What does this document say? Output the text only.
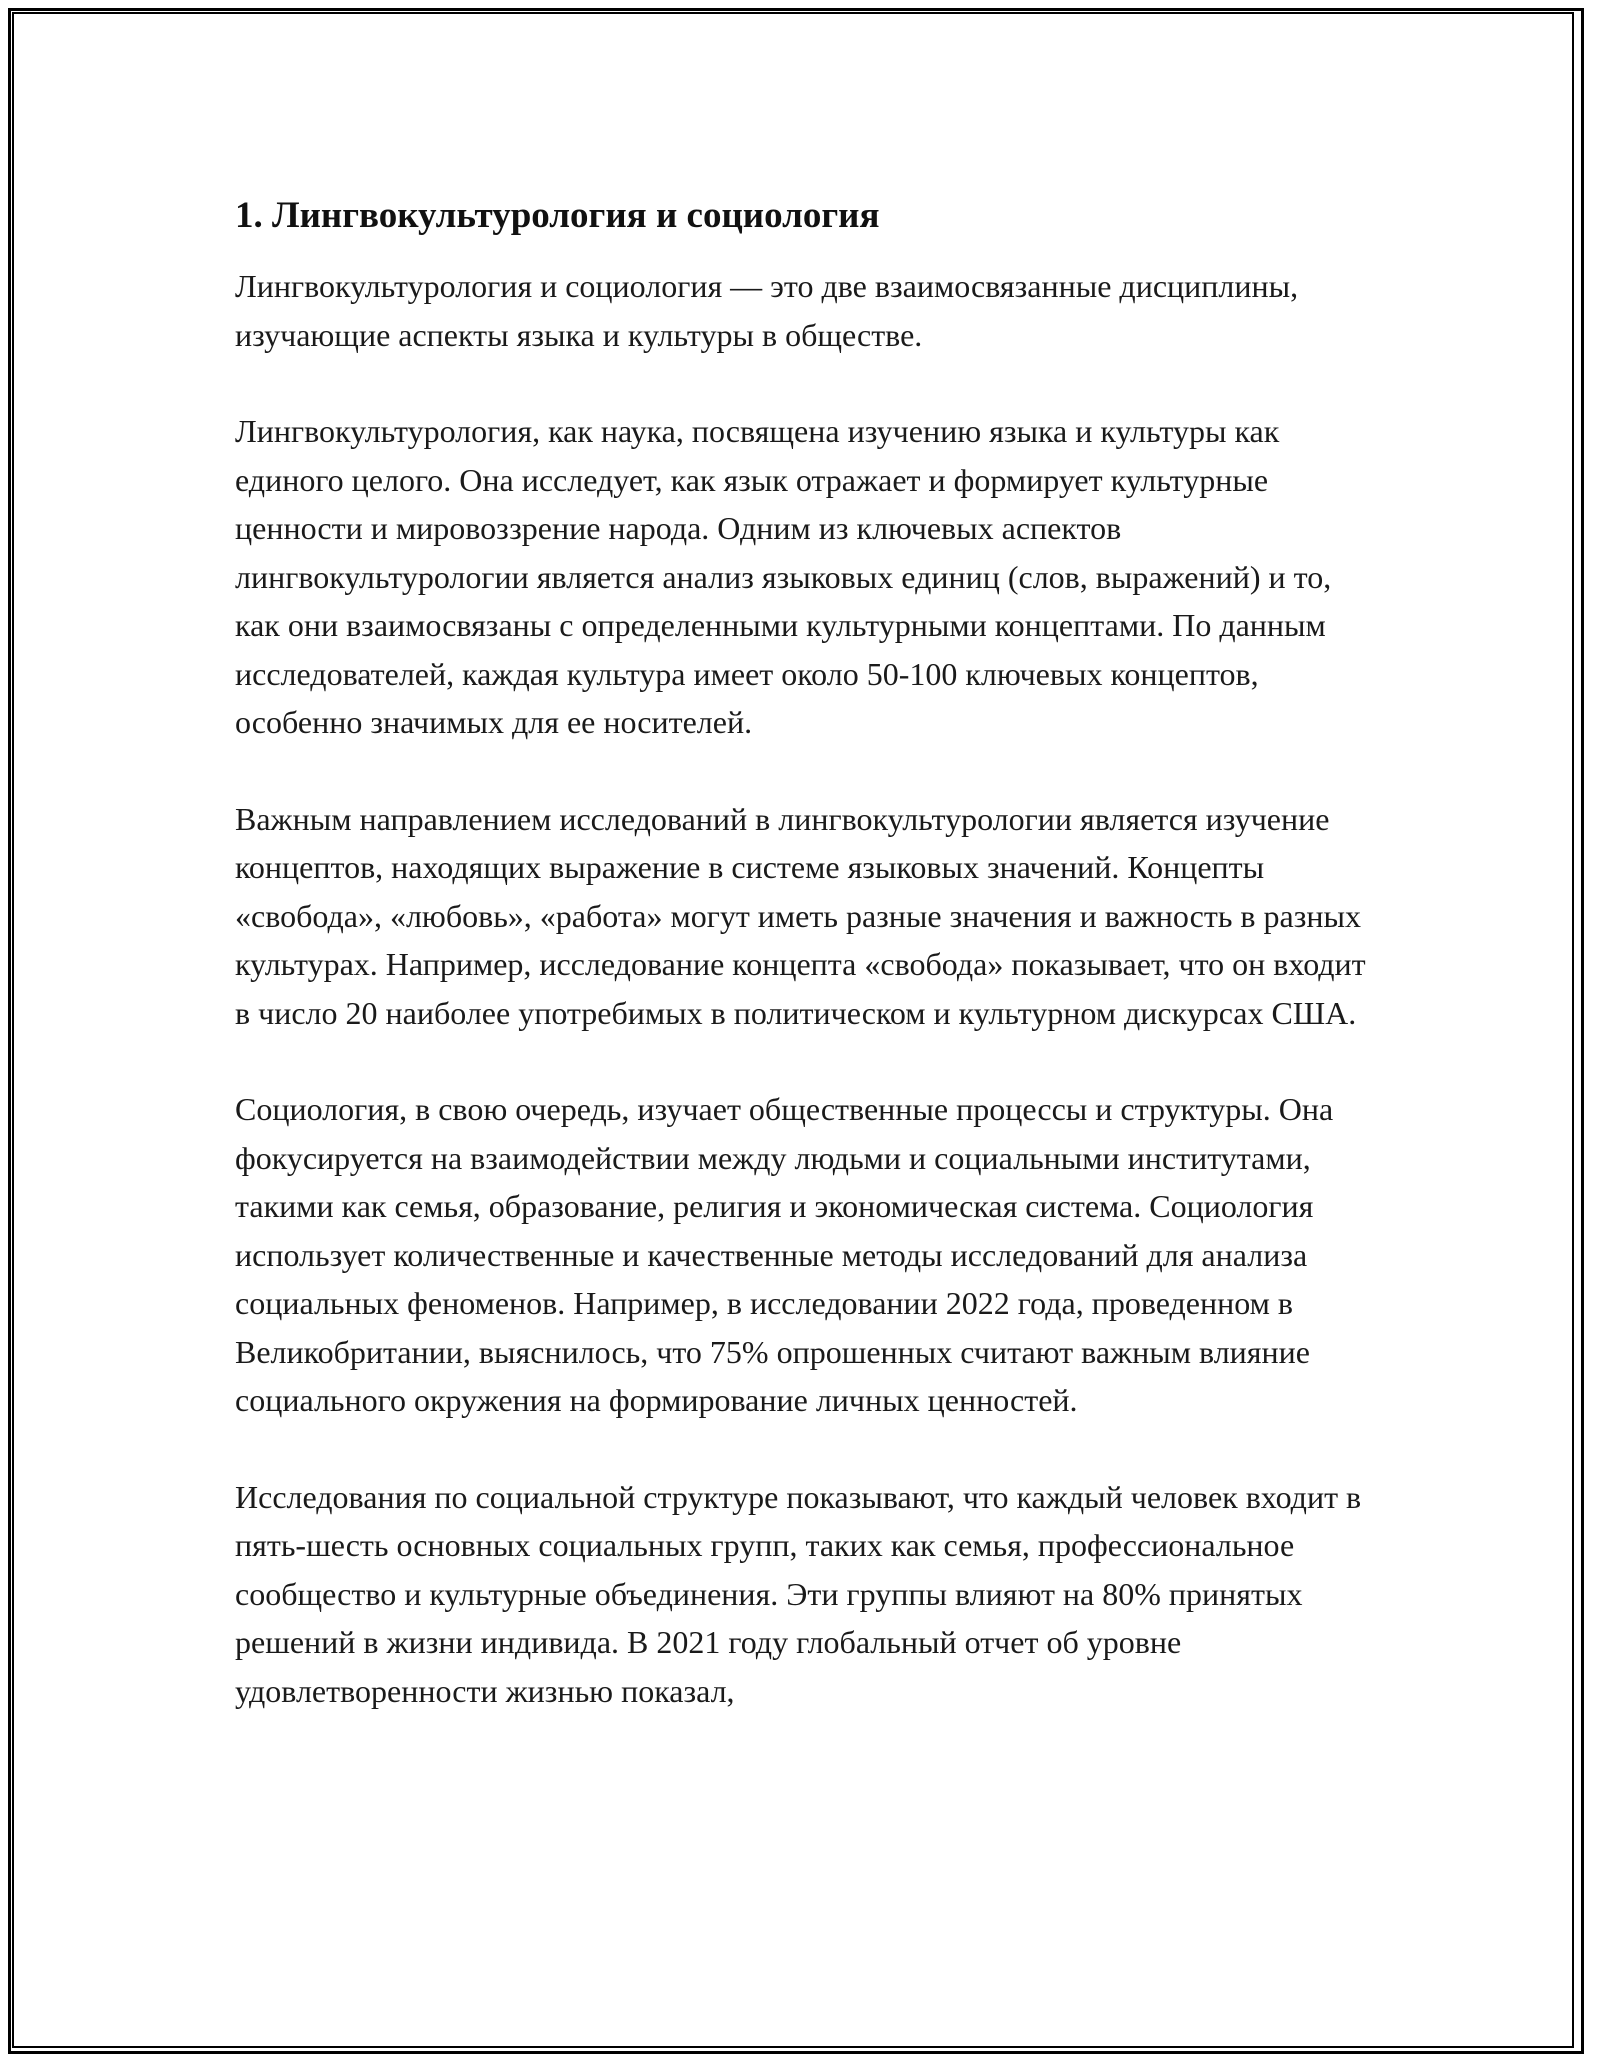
1. Лингвокультурология и социология

Лингвокультурология и социология — это две взаимосвязанные дисциплины, изучающие аспекты языка и культуры в обществе.

Лингвокультурология, как наука, посвящена изучению языка и культуры как единого целого. Она исследует, как язык отражает и формирует культурные ценности и мировоззрение народа. Одним из ключевых аспектов лингвокультурологии является анализ языковых единиц (слов, выражений) и то, как они взаимосвязаны с определенными культурными концептами. По данным исследователей, каждая культура имеет около 50-100 ключевых концептов, особенно значимых для ее носителей.

Важным направлением исследований в лингвокультурологии является изучение концептов, находящих выражение в системе языковых значений. Концепты «свобода», «любовь», «работа» могут иметь разные значения и важность в разных культурах. Например, исследование концепта «свобода» показывает, что он входит в число 20 наиболее употребимых в политическом и культурном дискурсах США.

Социология, в свою очередь, изучает общественные процессы и структуры. Она фокусируется на взаимодействии между людьми и социальными институтами, такими как семья, образование, религия и экономическая система. Социология использует количественные и качественные методы исследований для анализа социальных феноменов. Например, в исследовании 2022 года, проведенном в Великобритании, выяснилось, что 75% опрошенных считают важным влияние социального окружения на формирование личных ценностей.

Исследования по социальной структуре показывают, что каждый человек входит в пять-шесть основных социальных групп, таких как семья, профессиональное сообщество и культурные объединения. Эти группы влияют на 80% принятых решений в жизни индивида. В 2021 году глобальный отчет об уровне удовлетворенности жизнью показал,
